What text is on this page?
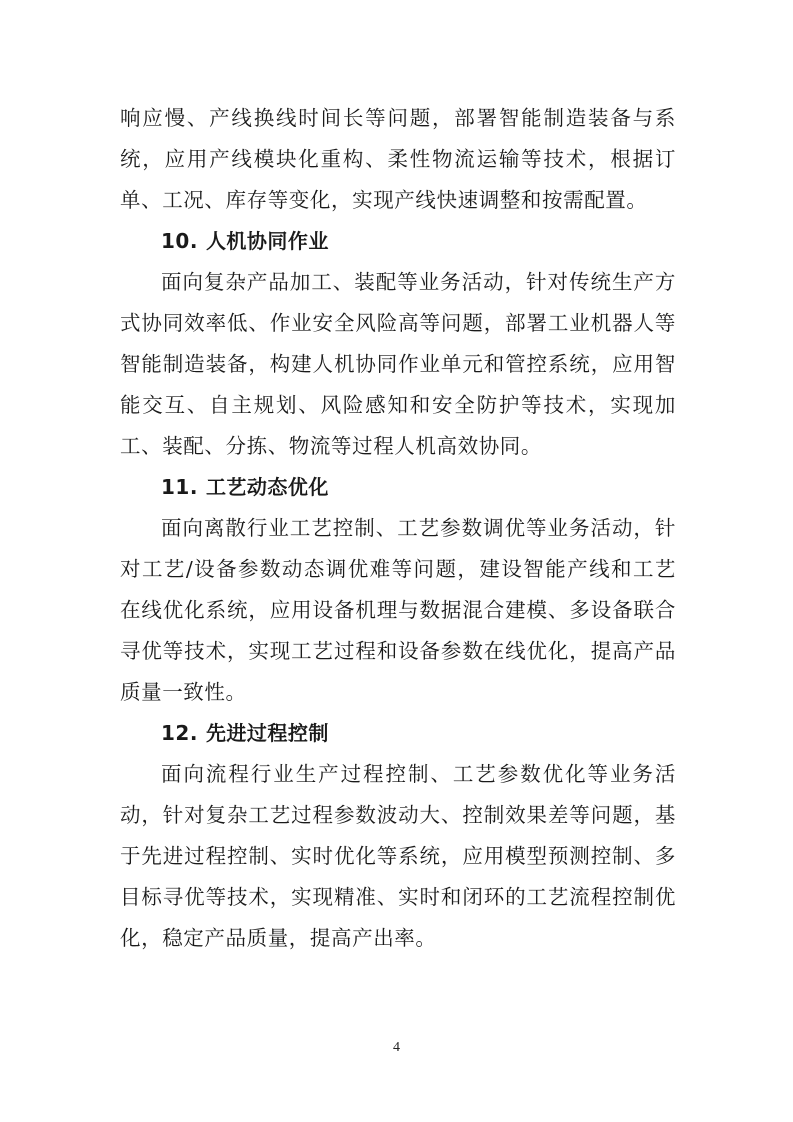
响应慢、产线换线时间长等问题，部署智能制造装备与系统，应用产线模块化重构、柔性物流运输等技术，根据订单、工况、库存等变化，实现产线快速调整和按需配置。

10. 人机协同作业

面向复杂产品加工、装配等业务活动，针对传统生产方式协同效率低、作业安全风险高等问题，部署工业机器人等智能制造装备，构建人机协同作业单元和管控系统，应用智能交互、自主规划、风险感知和安全防护等技术，实现加工、装配、分拣、物流等过程人机高效协同。

11. 工艺动态优化

面向离散行业工艺控制、工艺参数调优等业务活动，针对工艺/设备参数动态调优难等问题，建设智能产线和工艺在线优化系统，应用设备机理与数据混合建模、多设备联合寻优等技术，实现工艺过程和设备参数在线优化，提高产品质量一致性。

12. 先进过程控制

面向流程行业生产过程控制、工艺参数优化等业务活动，针对复杂工艺过程参数波动大、控制效果差等问题，基于先进过程控制、实时优化等系统，应用模型预测控制、多目标寻优等技术，实现精准、实时和闭环的工艺流程控制优化，稳定产品质量，提高产出率。

4
